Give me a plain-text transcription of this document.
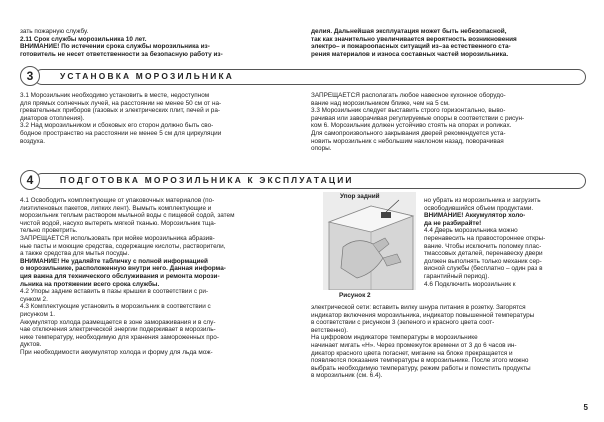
зать пожарную службу.

2.11 Срок службы морозильника 10 лет.

ВНИМАНИЕ! По истечении срока службы морозильника из-

готовитель не несет ответственности за безопасную работу из-

делия. Дальнейшая эксплуатация может быть небезопасной,

так как значительно увеличивается вероятность возникновения

электро– и пожароопасных ситуаций из–за естественного ста-

рения материалов и износа составных частей морозильника.

3	УСТАНОВКА МОРОЗИЛЬНИКА

3.1 Морозильник необходимо установить в месте, недоступном

для прямых солнечных лучей, на расстоянии не менее 50 см от на-

гревательных приборов (газовых и электрических плит, печей и ра-

диаторов отопления).

3.2 Над морозильником и сбоковых его сторон должно быть сво-

бодное пространство на расстоянии не менее 5 см для циркуляции

воздуха.

ЗАПРЕЩАЕТСЯ располагать любое навесное кухонное оборудо-

вание над морозильником ближе, чем на 5 см.

3.3 Морозильник следует выставить строго горизонтально, выво-

рачивая или заворачивая регулируемые опоры в соответствии с рисун-

ком 6. Морозильник должен устойчиво стоять на опорах и роликах.

Для самопроизвольного закрывания дверей рекомендуется уста-

новить морозильник с небольшим наклоном назад, поворачивая

опоры.

4	ПОДГОТОВКА МОРОЗИЛЬНИКА К ЭКСПЛУАТАЦИИ

4.1 Освободить комплектующие от упаковочных материалов (по-

лиэтиленовых пакетов, липких лент). Вымыть комплектующие и

морозильник теплым раствором мыльной воды с пищевой содой, затем

чистой водой, насухо вытереть мягкой тканью. Морозильник тща-

тельно проветрить.

ЗАПРЕЩАЕТСЯ использовать при мойке морозильника абразив-

ные пасты и моющие средства, содержащие кислоты, растворители,

а также средства для мытья посуды.

ВНИМАНИЕ! Не удаляйте табличку с полной информацией

о морозильнике, расположенную внутри него. Данная информа-

ция важна для технического обслуживания и ремонта морози-

льника на протяжении всего срока службы.

4.2 Упоры задние вставить в пазы крышки в соответствии с ри-

сунком 2.

4.3 Комплектующие установить в морозильник в соответствии с

рисунком 1.

Аккумулятор холода размещается в зоне замораживания и в слу-

чае отключения электрической энергии подерживает в морозиль-

нике температуру, необходимую для хранения замороженных про-

дуктов.

При необходимости аккумулятор холода и форму для льда мож-

Упор задний
Рисунок 2

но убрать из морозильника и загрузить

освободившийся объем продуктами.

ВНИМАНИЕ! Аккумулятор холо-

да не разбирайте!

4.4 Дверь морозильника можно

перенавесить на правостороннее откры-

вание. Чтобы исключить поломку плас-

тмассовых деталей, перенавеску двери

должен выполнять только механик сер-

висной службы (бесплатно – один раз в

гарантийный период).

4.6 Подключить морозильник к

электрической сети: вставить вилку шнура питания в розетку. Загорятся

индикатор включения морозильника, индикатор повышенной температуры

в соответствии с рисунком 3 (зеленого и красного цвета соот-

ветственно).

На цифровом индикаторе температуры в морозильнике

начинает мигать «Н». Через промежуток времени от 3 до 6 часов ин-

дикатор красного цвета погаснет, мигание на блоке прекращается и

появляются показания температуры в морозильнике. После этого можно

выбрать необходимую температуру, режим работы и поместить продукты

в морозильник (см. 6.4).

5
